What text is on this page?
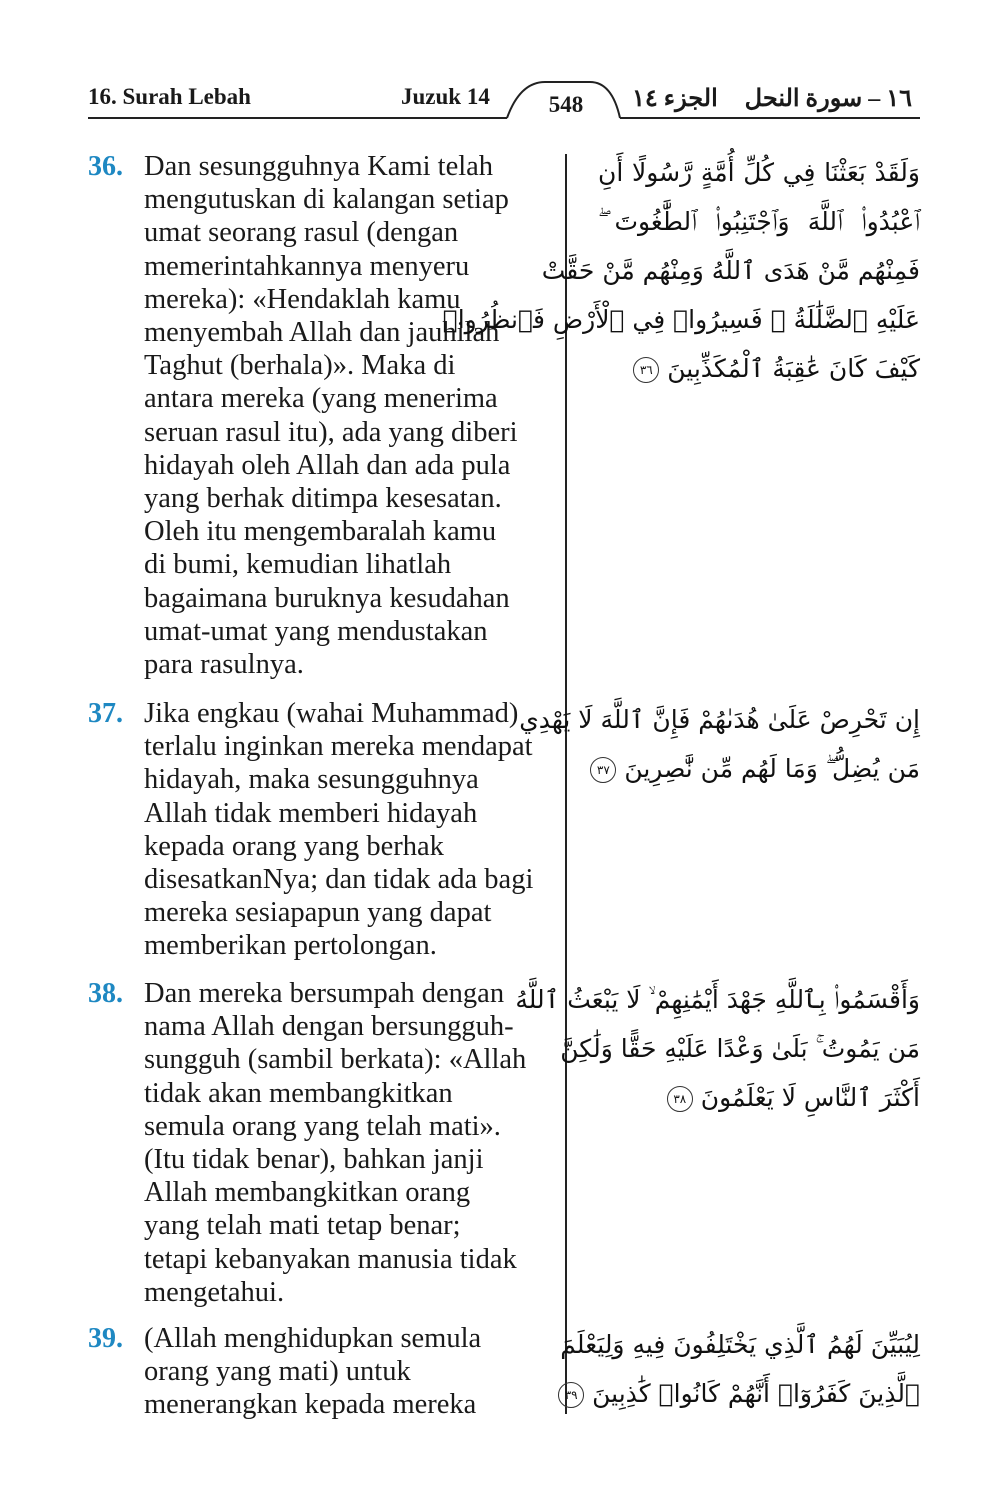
16. Surah Lebah	Juzuk 14	548	الجزء ١٤ ١٦ – سورة النحل
36. Dan sesungguhnya Kami telah
mengutuskan di kalangan setiap
umat seorang rasul (dengan
memerintahkannya menyeru
mereka): «Hendaklah kamu
menyembah Allah dan jauhilah
Taghut (berhala)». Maka di
antara mereka (yang menerima
seruan rasul itu), ada yang diberi
hidayah oleh Allah dan ada pula
yang berhak ditimpa kesesatan.
Oleh itu mengembaralah kamu
di bumi, kemudian lihatlah
bagaimana buruknya kesudahan
umat-umat yang mendustakan
para rasulnya.
وَلَقَدْ بَعَثْنَا فِي كُلِّ أُمَّةٍ رَّسُولًا أَنِ
ٱعْبُدُوا۟ ٱللَّهَ وَٱجْتَنِبُوا۟ ٱلطَّٰغُوتَ ۖ
فَمِنْهُم مَّنْ هَدَى ٱللَّهُ وَمِنْهُم مَّنْ حَقَّتْ
عَلَيْهِ ٱلضَّلَٰلَةُ ۚ فَسِيرُوا۟ فِي ٱلْأَرْضِ فَٱنظُرُوا۟
كَيْفَ كَانَ عَٰقِبَةُ ٱلْمُكَذِّبِينَ ٣٦
37. Jika engkau (wahai Muhammad)
terlalu inginkan mereka mendapat
hidayah, maka sesungguhnya
Allah tidak memberi hidayah
kepada orang yang berhak
disesatkanNya; dan tidak ada bagi
mereka sesiapapun yang dapat
memberikan pertolongan.
إِن تَحْرِصْ عَلَىٰ هُدَىٰهُمْ فَإِنَّ ٱللَّهَ لَا يَهْدِي
مَن يُضِلُّ ۖ وَمَا لَهُم مِّن نَّٰصِرِينَ ٣٧
38. Dan mereka bersumpah dengan
nama Allah dengan bersungguh-
sungguh (sambil berkata): «Allah
tidak akan membangkitkan
semula orang yang telah mati».
(Itu tidak benar), bahkan janji
Allah membangkitkan orang
yang telah mati tetap benar;
tetapi kebanyakan manusia tidak
mengetahui.
وَأَقْسَمُوا۟ بِٱللَّهِ جَهْدَ أَيْمَٰنِهِمْ ۙ لَا يَبْعَثُ ٱللَّهُ
مَن يَمُوتُ ۚ بَلَىٰ وَعْدًا عَلَيْهِ حَقًّا وَلَٰكِنَّ
أَكْثَرَ ٱلنَّاسِ لَا يَعْلَمُونَ ٣٨
39. (Allah menghidupkan semula
orang yang mati) untuk
menerangkan kepada mereka
لِيُبَيِّنَ لَهُمُ ٱلَّذِي يَخْتَلِفُونَ فِيهِ وَلِيَعْلَمَ
ٱلَّذِينَ كَفَرُوٓا۟ أَنَّهُمْ كَانُوا۟ كَٰذِبِينَ ٣٩
